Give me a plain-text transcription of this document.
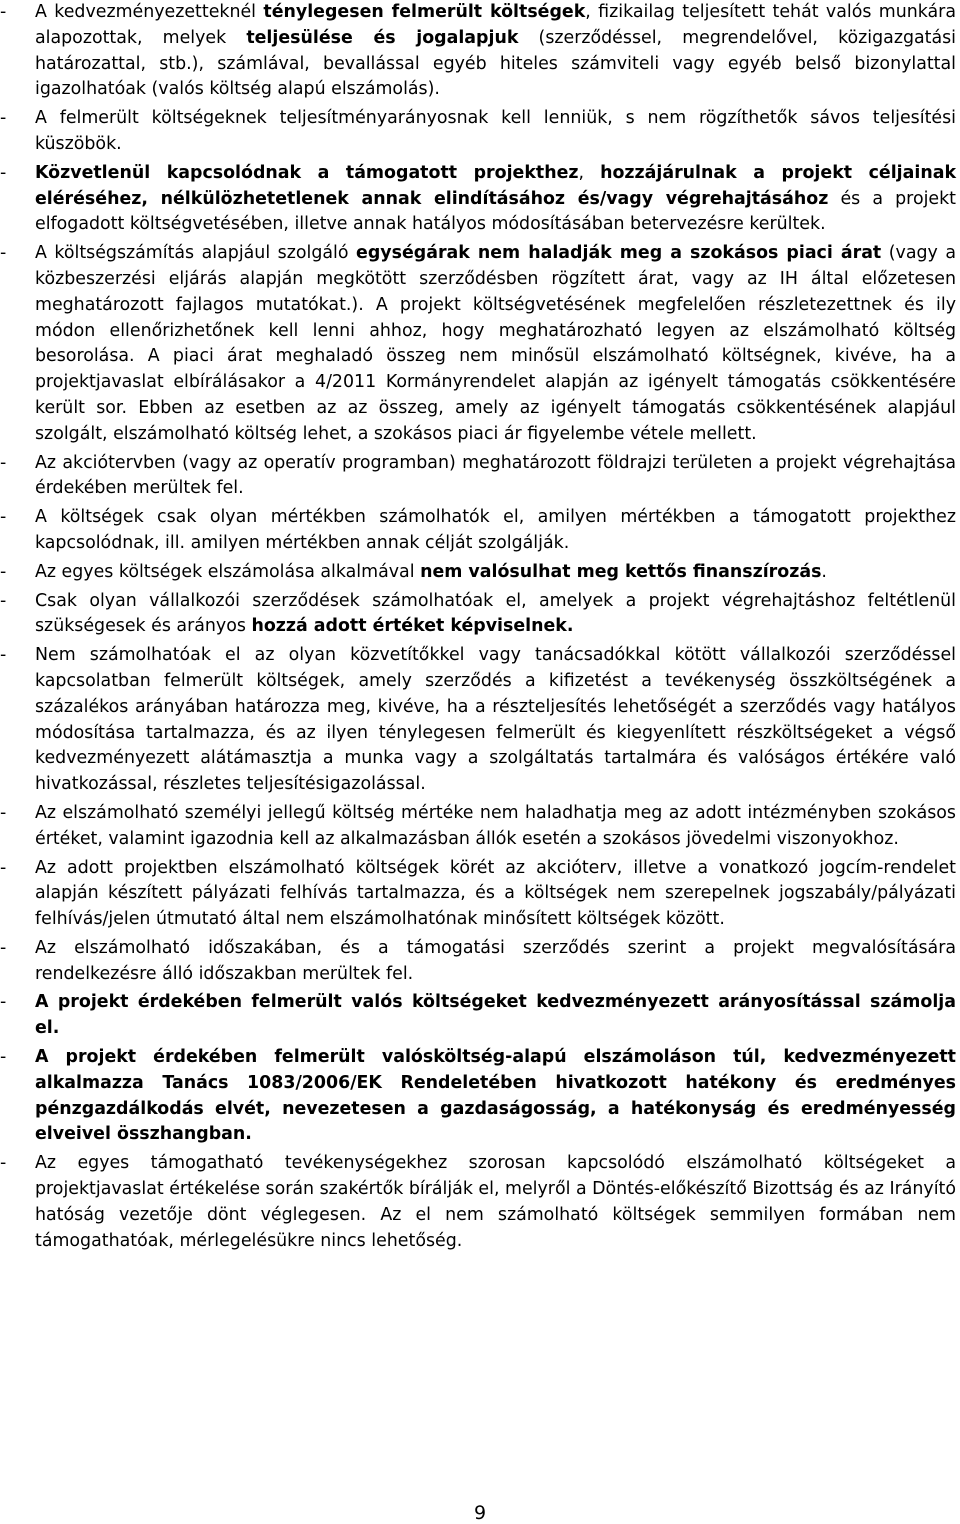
- A kedvezményezetteknél ténylegesen felmerült költségek, fizikailag teljesített tehát valós munkára alapozottak, melyek teljesülése és jogalapjuk (szerződéssel, megrendelővel, közigazgatási határozattal, stb.), számlával, bevallással egyéb hiteles számviteli vagy egyéb belső bizonylattal igazolhatóak (valós költség alapú elszámolás).
- A felmerült költségeknek teljesítményarányosnak kell lenniük, s nem rögzíthetők sávos teljesítési küszöbök.
- Közvetlenül kapcsolódnak a támogatott projekthez, hozzájárulnak a projekt céljainak eléréséhez, nélkülözhetetlenek annak elindításához és/vagy végrehajtásához és a projekt elfogadott költségvetésében, illetve annak hatályos módosításában betervezésre kerültek.
- A költségszámítás alapjául szolgáló egységárak nem haladják meg a szokásos piaci árat (vagy a közbeszerzési eljárás alapján megkötött szerződésben rögzített árat, vagy az IH által előzetesen meghatározott fajlagos mutatókat.). A projekt költségvetésének megfelelően részletezettnek és ily módon ellenőrizhetőnek kell lenni ahhoz, hogy meghatározható legyen az elszámolható költség besorolása. A piaci árat meghaladó összeg nem minősül elszámolható költségnek, kivéve, ha a projektjavaslat elbírálásakor a 4/2011 Kormányrendelet alapján az igényelt támogatás csökkentésére került sor. Ebben az esetben az az összeg, amely az igényelt támogatás csökkentésének alapjául szolgált, elszámolható költség lehet, a szokásos piaci ár figyelembe vétele mellett.
- Az akciótervben (vagy az operatív programban) meghatározott földrajzi területen a projekt végrehajtása érdekében merültek fel.
- A költségek csak olyan mértékben számolhatók el, amilyen mértékben a támogatott projekthez kapcsolódnak, ill. amilyen mértékben annak célját szolgálják.
- Az egyes költségek elszámolása alkalmával nem valósulhat meg kettős finanszírozás.
- Csak olyan vállalkozói szerződések számolhatóak el, amelyek a projekt végrehajtáshoz feltétlenül szükségesek és arányos hozzá adott értéket képviselnek.
- Nem számolhatóak el az olyan közvetítőkkel vagy tanácsadókkal kötött vállalkozói szerződéssel kapcsolatban felmerült költségek, amely szerződés a kifizetést a tevékenység összköltségének a százalékos arányában határozza meg, kivéve, ha a részteljesítés lehetőségét a szerződés vagy hatályos módosítása tartalmazza, és az ilyen ténylegesen felmerült és kiegyenlített részköltségeket a végső kedvezményezett alátámasztja a munka vagy a szolgáltatás tartalmára és valóságos értékére való hivatkozással, részletes teljesítésigazolással.
- Az elszámolható személyi jellegű költség mértéke nem haladhatja meg az adott intézményben szokásos értéket, valamint igazodnia kell az alkalmazásban állók esetén a szokásos jövedelmi viszonyokhoz.
- Az adott projektben elszámolható költségek körét az akcióterv, illetve a vonatkozó jogcím-rendelet alapján készített pályázati felhívás tartalmazza, és a költségek nem szerepelnek jogszabály/pályázati felhívás/jelen útmutató által nem elszámolhatónak minősített költségek között.
- Az elszámolható időszakában, és a támogatási szerződés szerint a projekt megvalósítására rendelkezésre álló időszakban merültek fel.
- A projekt érdekében felmerült valós költségeket kedvezményezett arányosítással számolja el.
- A projekt érdekében felmerült valósköltség-alapú elszámoláson túl, kedvezményezett alkalmazza Tanács 1083/2006/EK Rendeletében hivatkozott hatékony és eredményes pénzgazdálkodás elvét, nevezetesen a gazdaságosság, a hatékonyság és eredményesség elveivel összhangban.
- Az egyes támogatható tevékenységekhez szorosan kapcsolódó elszámolható költségeket a projektjavaslat értékelése során szakértők bírálják el, melyről a Döntés-előkészítő Bizottság és az Irányító hatóság vezetője dönt véglegesen. Az el nem számolható költségek semmilyen formában nem támogathatóak, mérlegelésükre nincs lehetőség.
9
